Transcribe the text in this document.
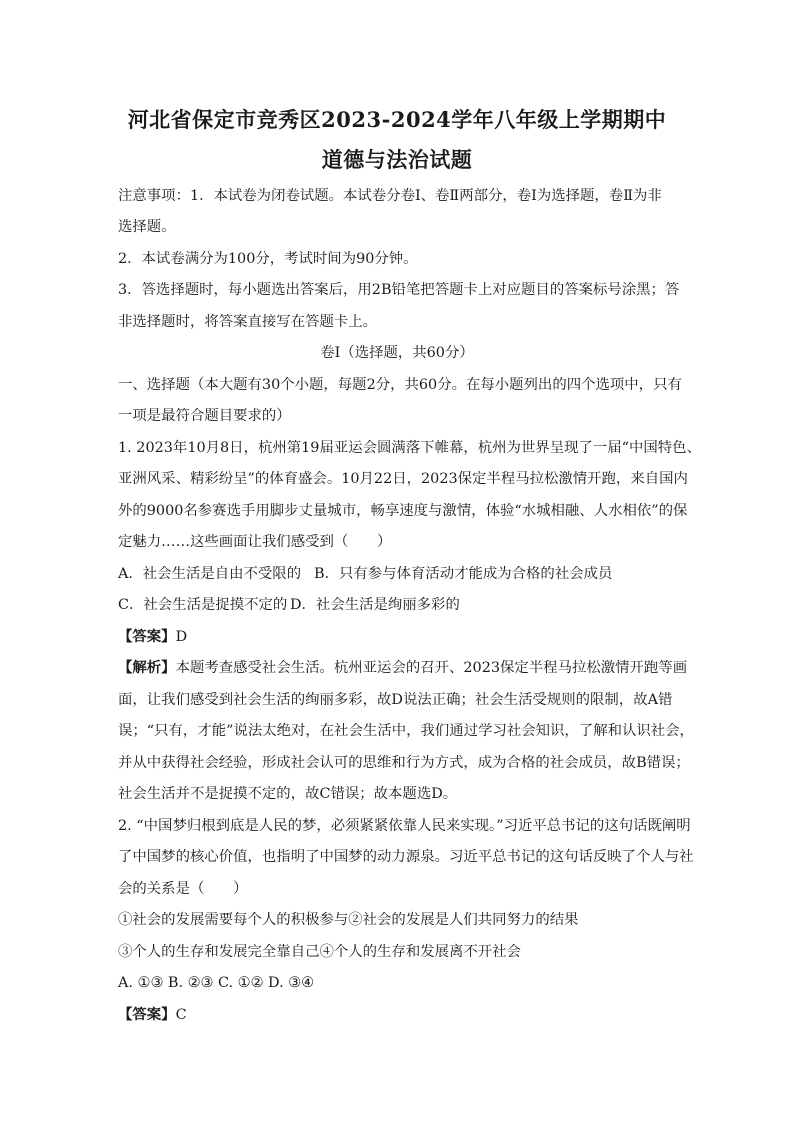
河北省保定市竞秀区2023-2024学年八年级上学期期中
道德与法治试题
注意事项：1．本试卷为闭卷试题。本试卷分卷Ⅰ、卷Ⅱ两部分，卷Ⅰ为选择题，卷Ⅱ为非
选择题。
2．本试卷满分为100分，考试时间为90分钟。
3．答选择题时，每小题选出答案后，用2B铅笔把答题卡上对应题目的答案标号涂黑；答
非选择题时，将答案直接写在答题卡上。
卷Ⅰ（选择题，共60分）
一、选择题（本大题有30个小题，每题2分，共60分。在每小题列出的四个选项中，只有
一项是最符合题目要求的）
1. 2023年10月8日，杭州第19届亚运会圆满落下帷幕，杭州为世界呈现了一届“中国特色、
亚洲风采、精彩纷呈”的体育盛会。10月22日，2023保定半程马拉松激情开跑，来自国内
外的9000名参赛选手用脚步丈量城市，畅享速度与激情，体验“水城相融、人水相依”的保
定魅力……这些画面让我们感受到（　　）
A．社会生活是自由不受限的 B．只有参与体育活动才能成为合格的社会成员
C．社会生活是捉摸不定的 D．社会生活是绚丽多彩的
【答案】D
【解析】本题考查感受社会生活。杭州亚运会的召开、2023保定半程马拉松激情开跑等画
面，让我们感受到社会生活的绚丽多彩，故D说法正确；社会生活受规则的限制，故A错
误；“只有，才能”说法太绝对，在社会生活中，我们通过学习社会知识，了解和认识社会，
并从中获得社会经验，形成社会认可的思维和行为方式，成为合格的社会成员，故B错误；
社会生活并不是捉摸不定的，故C错误；故本题选D。
2. “中国梦归根到底是人民的梦，必须紧紧依靠人民来实现。”习近平总书记的这句话既阐明
了中国梦的核心价值，也指明了中国梦的动力源泉。习近平总书记的这句话反映了个人与社
会的关系是（　　）
①社会的发展需要每个人的积极参与②社会的发展是人们共同努力的结果
③个人的生存和发展完全靠自己④个人的生存和发展离不开社会
A. ①③ B. ②③ C. ①② D. ③④
【答案】C
